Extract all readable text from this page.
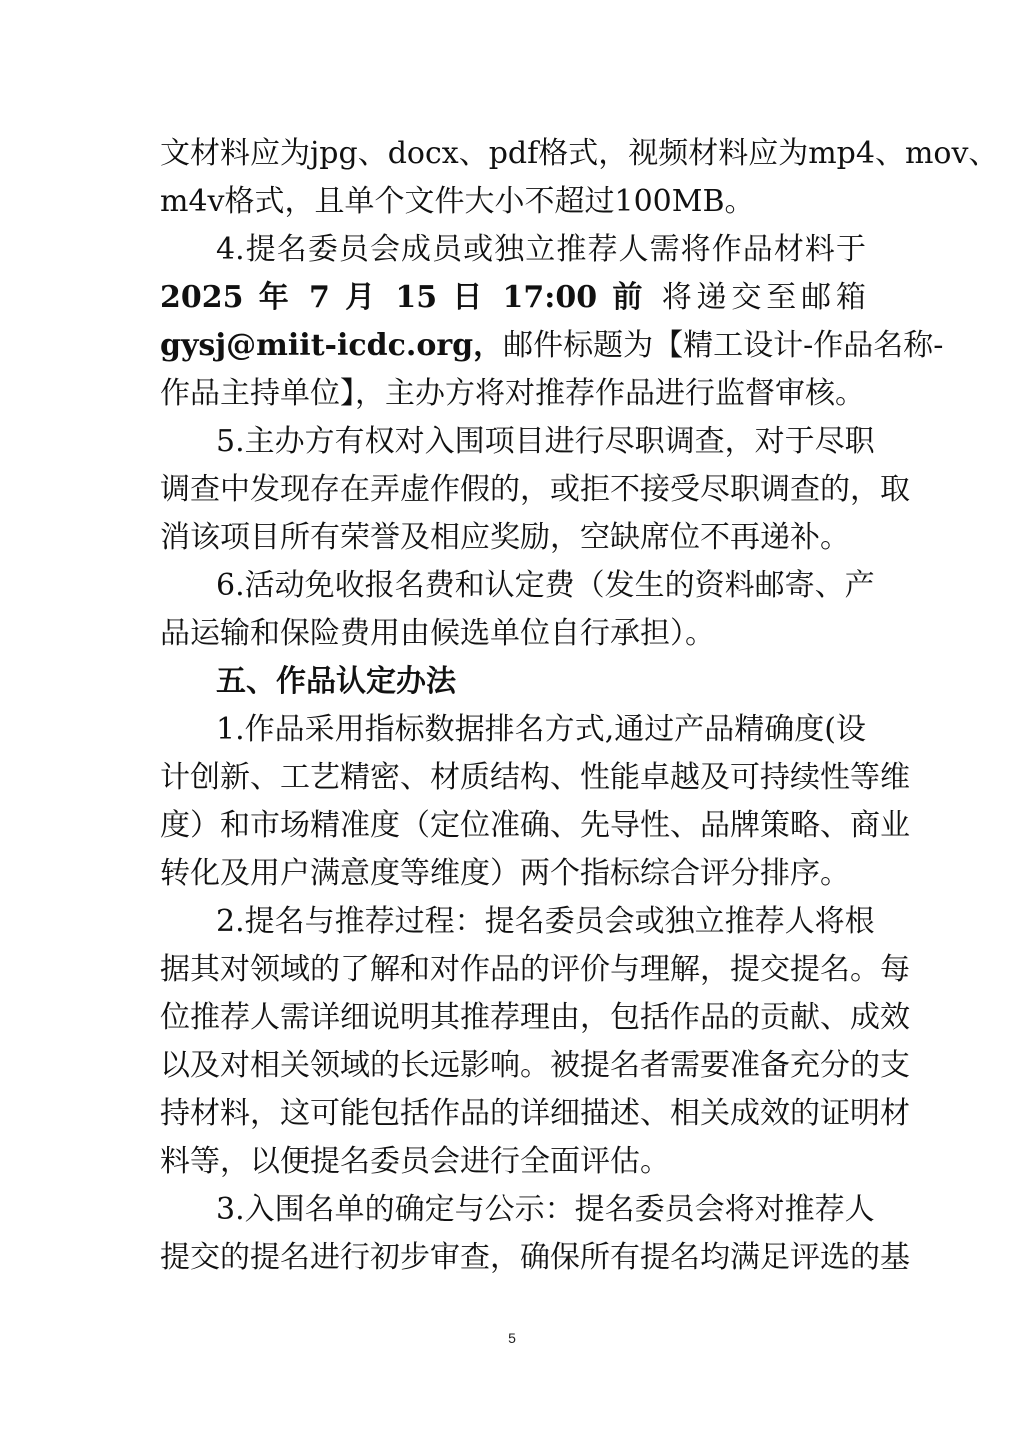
文材料应为jpg、docx、pdf格式，视频材料应为mp4、mov、
m4v格式，且单个文件大小不超过100MB。
4.提名委员会成员或独立推荐人需将作品材料于
2025 年 7 月 15 日 17:00 前 将递交至邮箱
gysj@miit-icdc.org，邮件标题为【精工设计-作品名称-
作品主持单位】，主办方将对推荐作品进行监督审核。
5.主办方有权对入围项目进行尽职调查，对于尽职
调查中发现存在弄虚作假的，或拒不接受尽职调查的，取
消该项目所有荣誉及相应奖励，空缺席位不再递补。
6.活动免收报名费和认定费（发生的资料邮寄、产
品运输和保险费用由候选单位自行承担）。
五、作品认定办法
1.作品采用指标数据排名方式,通过产品精确度(设
计创新、工艺精密、材质结构、性能卓越及可持续性等维
度）和市场精准度（定位准确、先导性、品牌策略、商业
转化及用户满意度等维度）两个指标综合评分排序。
2.提名与推荐过程：提名委员会或独立推荐人将根
据其对领域的了解和对作品的评价与理解，提交提名。每
位推荐人需详细说明其推荐理由，包括作品的贡献、成效
以及对相关领域的长远影响。被提名者需要准备充分的支
持材料，这可能包括作品的详细描述、相关成效的证明材
料等，以便提名委员会进行全面评估。
3.入围名单的确定与公示：提名委员会将对推荐人
提交的提名进行初步审查，确保所有提名均满足评选的基
5
